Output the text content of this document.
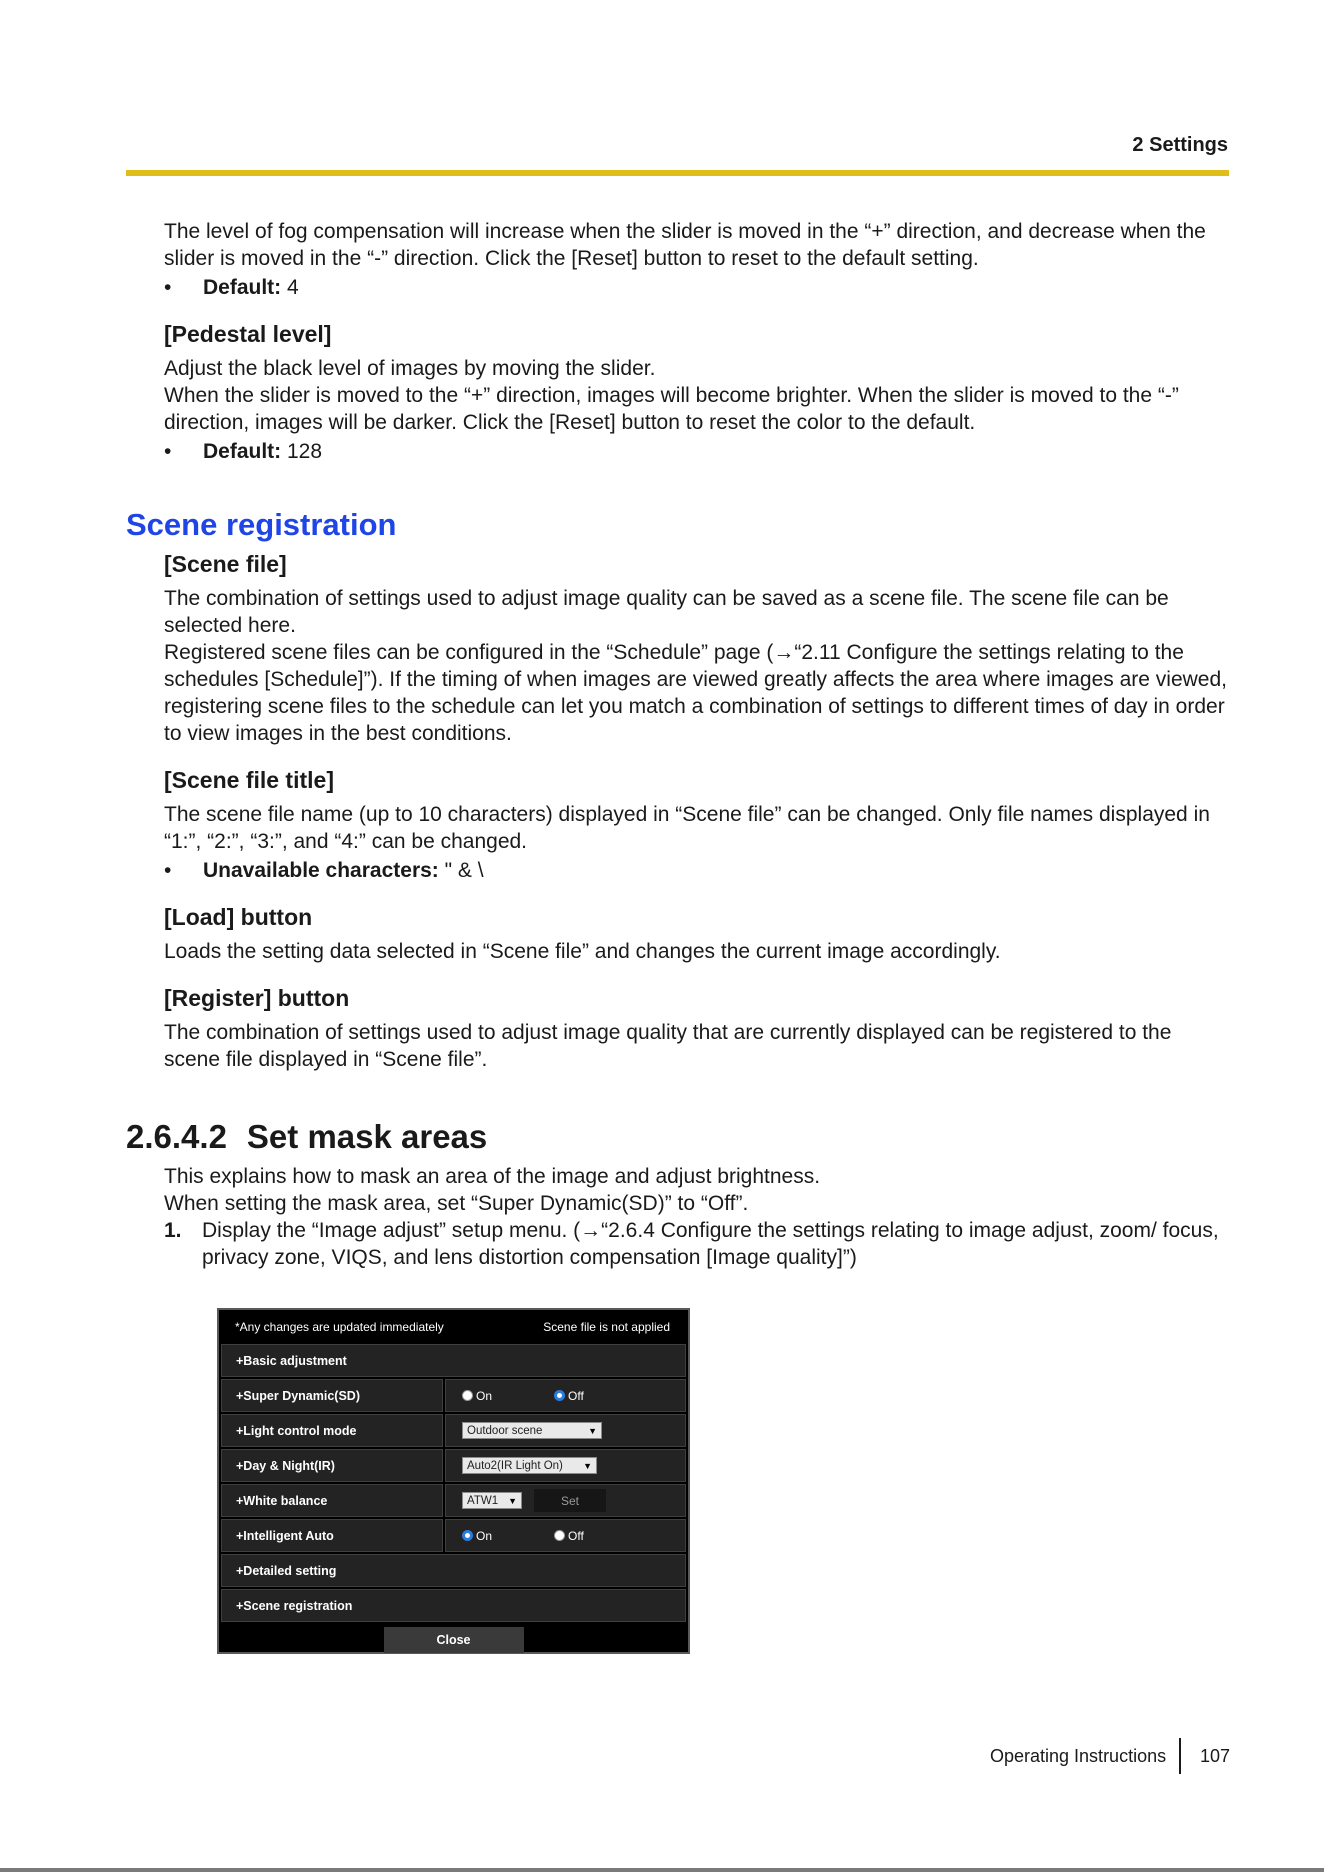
2 Settings

The level of fog compensation will increase when the slider is moved in the “+” direction, and decrease when the slider is moved in the “-” direction. Click the [Reset] button to reset to the default setting.

•	Default: 4
[Pedestal level]

Adjust the black level of images by moving the slider.

When the slider is moved to the “+” direction, images will become brighter. When the slider is moved to the “-” direction, images will be darker. Click the [Reset] button to reset the color to the default.

•	Default: 128
Scene registration
[Scene file]

The combination of settings used to adjust image quality can be saved as a scene file. The scene file can be selected here.

Registered scene files can be configured in the “Schedule” page (→“2.11 Configure the settings relating to the schedules [Schedule]”). If the timing of when images are viewed greatly affects the area where images are viewed, registering scene files to the schedule can let you match a combination of settings to different times of day in order to view images in the best conditions.

[Scene file title]

The scene file name (up to 10 characters) displayed in “Scene file” can be changed. Only file names displayed in “1:”, “2:”, “3:”, and “4:” can be changed.

•	Unavailable characters: " & \
[Load] button

Loads the setting data selected in “Scene file” and changes the current image accordingly.

[Register] button

The combination of settings used to adjust image quality that are currently displayed can be registered to the scene file displayed in “Scene file”.

2.6.4.2 Set mask areas

This explains how to mask an area of the image and adjust brightness.

When setting the mask area, set “Super Dynamic(SD)” to “Off”.

1. Display the “Image adjust” setup menu. (→“2.6.4 Configure the settings relating to image adjust, zoom/ focus, privacy zone, VIQS, and lens distortion compensation [Image quality]”)
*Any changes are updated immediately	Scene file is not applied
+Basic adjustment
+Super Dynamic(SD)	On	Off
+Light control mode	Outdoor scene	▼
+Day & Night(IR)	Auto2(IR Light On) ▼
+White balance	ATW1 ▼	Set
+Intelligent Auto	On	Off
+Detailed setting
+Scene registration
Close
Operating Instructions 107
